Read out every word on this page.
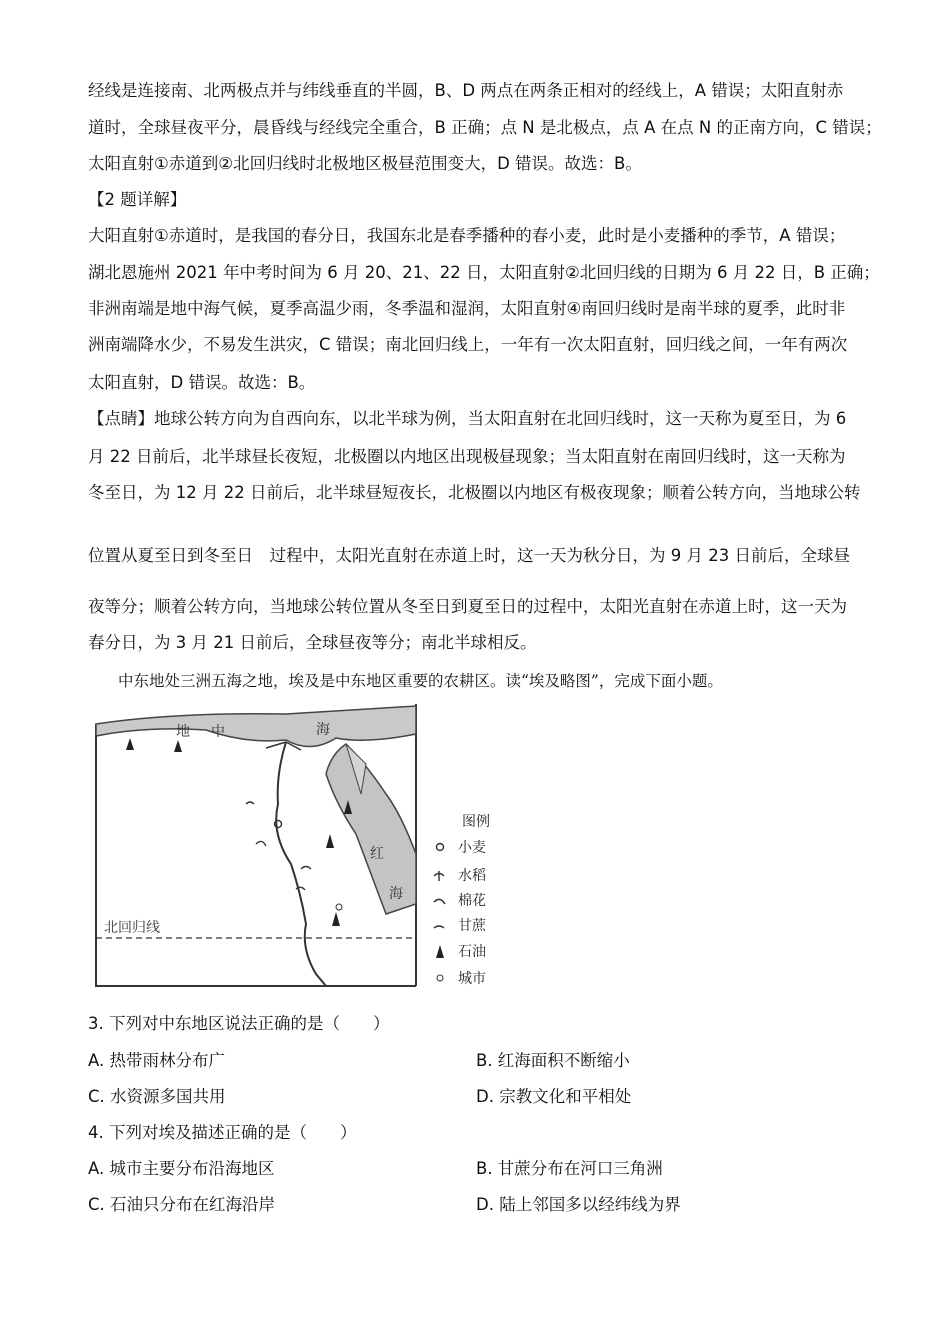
经线是连接南、北两极点并与纬线垂直的半圆，B、D 两点在两条正相对的经线上，A 错误；太阳直射赤
道时，全球昼夜平分，晨昏线与经线完全重合，B 正确；点 N 是北极点，点 A 在点 N 的正南方向，C 错误；
太阳直射①赤道到②北回归线时北极地区极昼范围变大，D 错误。故选：B。
【2 题详解】
大阳直射①赤道时，是我国的春分日，我国东北是春季播种的春小麦，此时是小麦播种的季节，A 错误；
湖北恩施州 2021 年中考时间为 6 月 20、21、22 日，太阳直射②北回归线的日期为 6 月 22 日，B 正确；
非洲南端是地中海气候，夏季高温少雨，冬季温和湿润，太阳直射④南回归线时是南半球的夏季，此时非
洲南端降水少，不易发生洪灾，C 错误；南北回归线上，一年有一次太阳直射，回归线之间，一年有两次
太阳直射，D 错误。故选：B。
【点睛】地球公转方向为自西向东，以北半球为例，当太阳直射在北回归线时，这一天称为夏至日，为 6
月 22 日前后，北半球昼长夜短，北极圈以内地区出现极昼现象；当太阳直射在南回归线时，这一天称为
冬至日，为 12 月 22 日前后，北半球昼短夜长，北极圈以内地区有极夜现象；顺着公转方向，当地球公转
位置从夏至日到冬至日　过程中，太阳光直射在赤道上时，这一天为秋分日，为 9 月 23 日前后，全球昼
夜等分；顺着公转方向，当地球公转位置从冬至日到夏至日的过程中，太阳光直射在赤道上时，这一天为
春分日，为 3 月 21 日前后，全球昼夜等分；南北半球相反。
中东地处三洲五海之地，埃及是中东地区重要的农耕区。读“埃及略图”，完成下面小题。
地 中	海
红
海
北回归线
图例
小麦
水稻
棉花
甘蔗
石油
城市
3. 下列对中东地区说法正确的是（　　）
A. 热带雨林分布广	B. 红海面积不断缩小
C. 水资源多国共用	D. 宗教文化和平相处
4. 下列对埃及描述正确的是（　　）
A. 城市主要分布沿海地区	B. 甘蔗分布在河口三角洲
C. 石油只分布在红海沿岸	D. 陆上邻国多以经纬线为界
